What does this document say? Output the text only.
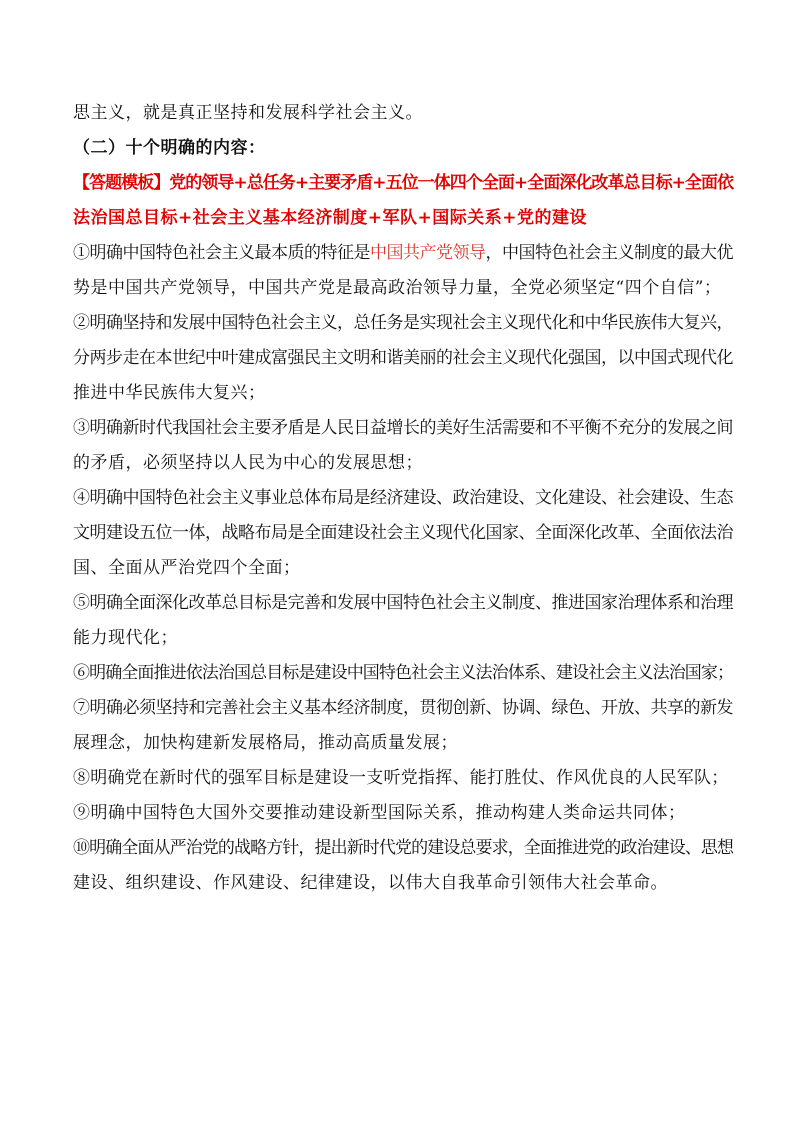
思主义，就是真正坚持和发展科学社会主义。
（二）十个明确的内容：
【答题模板】党的领导+总任务+主要矛盾+五位一体四个全面+全面深化改革总目标+全面依
法治国总目标+社会主义基本经济制度+军队+国际关系+党的建设
①明确中国特色社会主义最本质的特征是中国共产党领导，中国特色社会主义制度的最大优
势是中国共产党领导，中国共产党是最高政治领导力量，全党必须坚定“四个自信”；
②明确坚持和发展中国特色社会主义，总任务是实现社会主义现代化和中华民族伟大复兴，
分两步走在本世纪中叶建成富强民主文明和谐美丽的社会主义现代化强国，以中国式现代化
推进中华民族伟大复兴；
③明确新时代我国社会主要矛盾是人民日益增长的美好生活需要和不平衡不充分的发展之间
的矛盾，必须坚持以人民为中心的发展思想；
④明确中国特色社会主义事业总体布局是经济建设、政治建设、文化建设、社会建设、生态
文明建设五位一体，战略布局是全面建设社会主义现代化国家、全面深化改革、全面依法治
国、全面从严治党四个全面；
⑤明确全面深化改革总目标是完善和发展中国特色社会主义制度、推进国家治理体系和治理
能力现代化；
⑥明确全面推进依法治国总目标是建设中国特色社会主义法治体系、建设社会主义法治国家；
⑦明确必须坚持和完善社会主义基本经济制度，贯彻创新、协调、绿色、开放、共享的新发
展理念，加快构建新发展格局，推动高质量发展；
⑧明确党在新时代的强军目标是建设一支听党指挥、能打胜仗、作风优良的人民军队；
⑨明确中国特色大国外交要推动建设新型国际关系，推动构建人类命运共同体；
⑩明确全面从严治党的战略方针，提出新时代党的建设总要求，全面推进党的政治建设、思想
建设、组织建设、作风建设、纪律建设，以伟大自我革命引领伟大社会革命。
